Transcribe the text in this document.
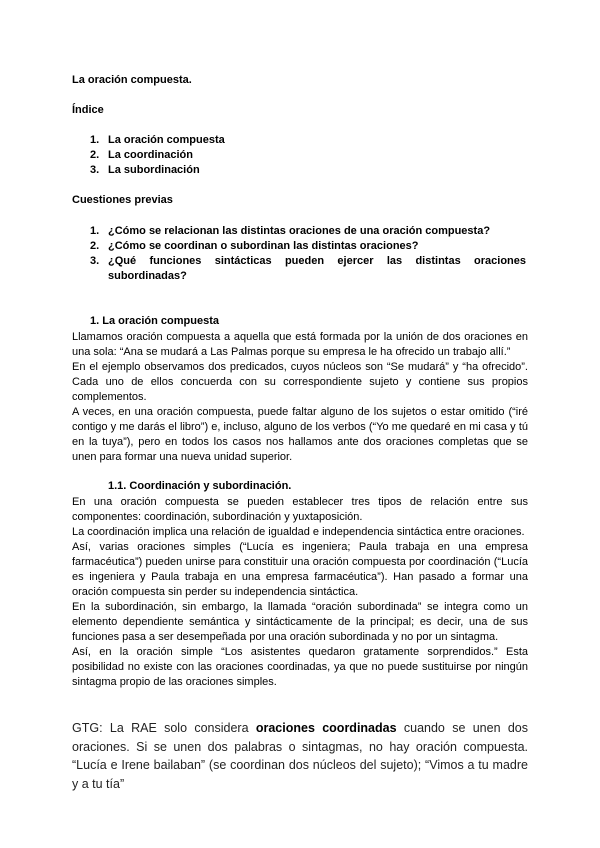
La oración compuesta.
Índice
1. La oración compuesta
2. La coordinación
3. La subordinación
Cuestiones previas
1. ¿Cómo se relacionan las distintas oraciones de una oración compuesta?
2. ¿Cómo se coordinan o subordinan las distintas oraciones?
3. ¿Qué funciones sintácticas pueden ejercer las distintas oraciones subordinadas?
1. La oración compuesta

Llamamos oración compuesta a aquella que está formada por la unión de dos oraciones en una sola: “Ana se mudará a Las Palmas porque su empresa le ha ofrecido un trabajo allí.”

En el ejemplo observamos dos predicados, cuyos núcleos son “Se mudará” y “ha ofrecido”. Cada uno de ellos concuerda con su correspondiente sujeto y contiene sus propios complementos.

A veces, en una oración compuesta, puede faltar alguno de los sujetos o estar omitido (“iré contigo y me darás el libro”) e, incluso, alguno de los verbos (“Yo me quedaré en mi casa y tú en la tuya”), pero en todos los casos nos hallamos ante dos oraciones completas que se unen para formar una nueva unidad superior.

1.1. Coordinación y subordinación.

En una oración compuesta se pueden establecer tres tipos de relación entre sus componentes: coordinación, subordinación y yuxtaposición.

La coordinación implica una relación de igualdad e independencia sintáctica entre oraciones.

Así, varias oraciones simples (“Lucía es ingeniera; Paula trabaja en una empresa farmacéutica”) pueden unirse para constituir una oración compuesta por coordinación (“Lucía es ingeniera y Paula trabaja en una empresa farmacéutica”). Han pasado a formar una oración compuesta sin perder su independencia sintáctica.

En la subordinación, sin embargo, la llamada “oración subordinada” se integra como un elemento dependiente semántica y sintácticamente de la principal; es decir, una de sus funciones pasa a ser desempeñada por una oración subordinada y no por un sintagma.

Así, en la oración simple “Los asistentes quedaron gratamente sorprendidos.” Esta posibilidad no existe con las oraciones coordinadas, ya que no puede sustituirse por ningún sintagma propio de las oraciones simples.

GTG: La RAE solo considera oraciones coordinadas cuando se unen dos oraciones. Si se unen dos palabras o sintagmas, no hay oración compuesta. “Lucía e Irene bailaban” (se coordinan dos núcleos del sujeto); “Vimos a tu madre y a tu tía”
